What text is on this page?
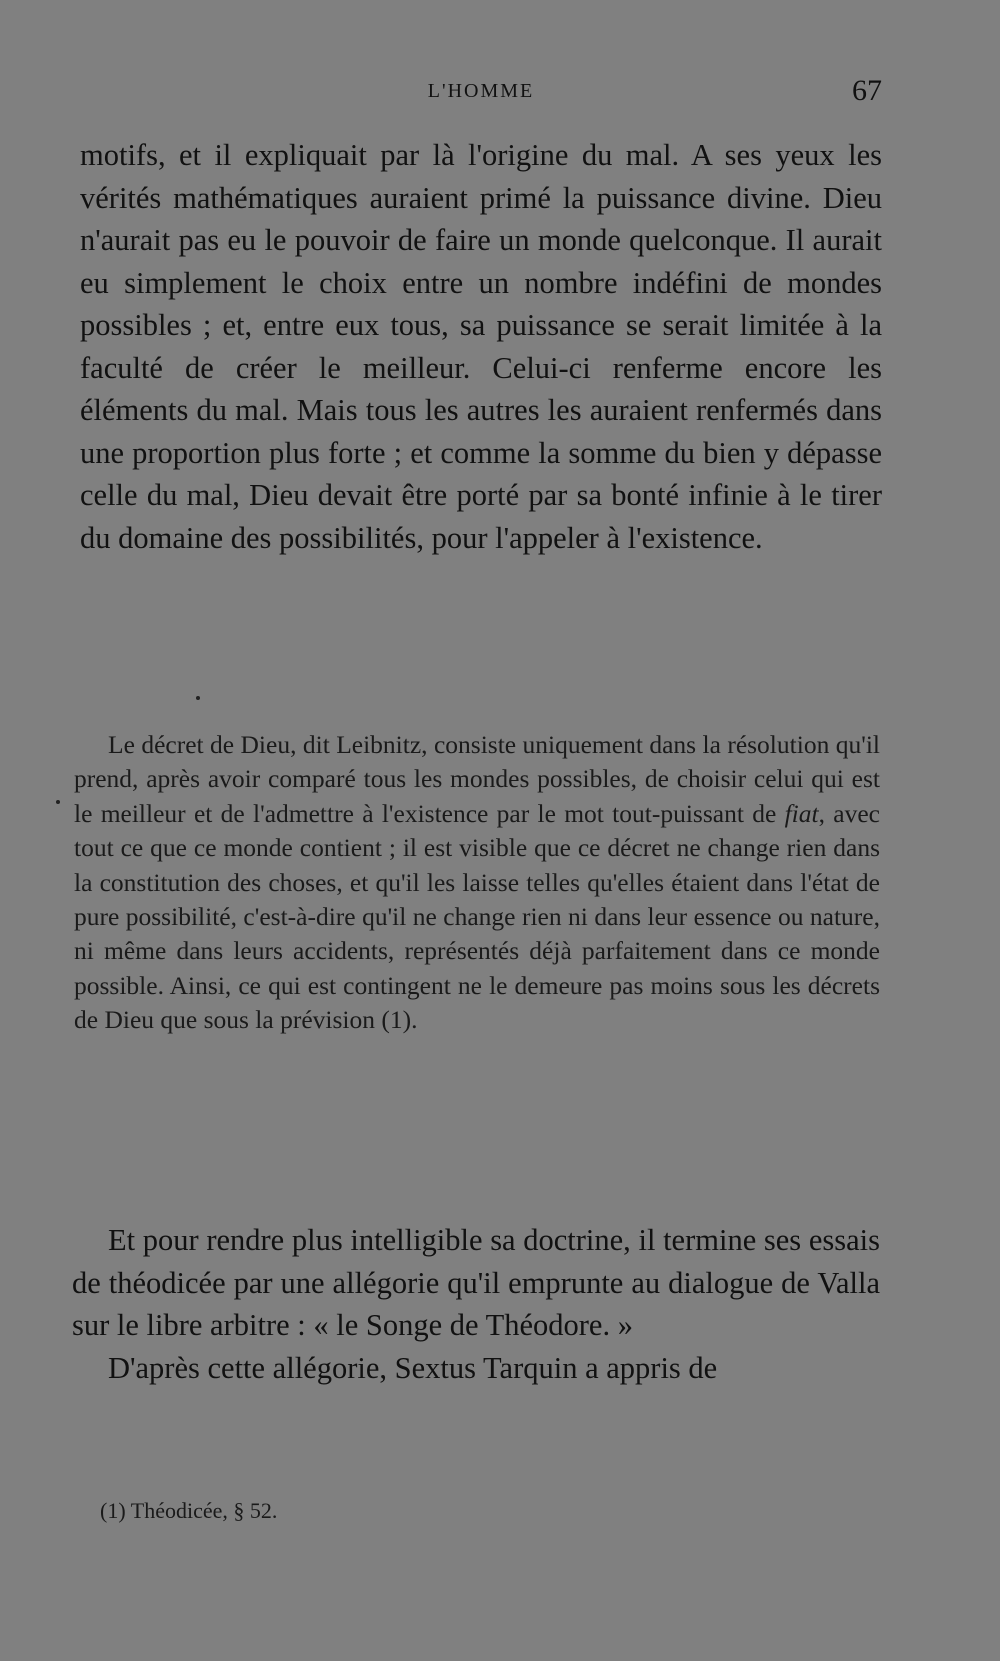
L'HOMME	67

motifs, et il expliquait par là l'origine du mal. A ses yeux les vérités mathématiques auraient primé la puissance divine. Dieu n'aurait pas eu le pouvoir de faire un monde quelconque. Il aurait eu simplement le choix entre un nombre indéfini de mondes possibles ; et, entre eux tous, sa puissance se serait limitée à la faculté de créer le meilleur. Celui-ci renferme encore les éléments du mal. Mais tous les autres les auraient renfermés dans une proportion plus forte ; et comme la somme du bien y dépasse celle du mal, Dieu devait être porté par sa bonté infinie à le tirer du domaine des possibilités, pour l'appeler à l'existence.

Le décret de Dieu, dit Leibnitz, consiste uniquement dans la résolution qu'il prend, après avoir comparé tous les mondes possibles, de choisir celui qui est le meilleur et de l'admettre à l'existence par le mot tout-puissant de fiat, avec tout ce que ce monde contient ; il est visible que ce décret ne change rien dans la constitution des choses, et qu'il les laisse telles qu'elles étaient dans l'état de pure possibilité, c'est-à-dire qu'il ne change rien ni dans leur essence ou nature, ni même dans leurs accidents, représentés déjà parfaitement dans ce monde possible. Ainsi, ce qui est contingent ne le demeure pas moins sous les décrets de Dieu que sous la prévision (1).

Et pour rendre plus intelligible sa doctrine, il termine ses essais de théodicée par une allégorie qu'il emprunte au dialogue de Valla sur le libre arbitre : « le Songe de Théodore. »

D'après cette allégorie, Sextus Tarquin a appris de

(1) Théodicée, § 52.
